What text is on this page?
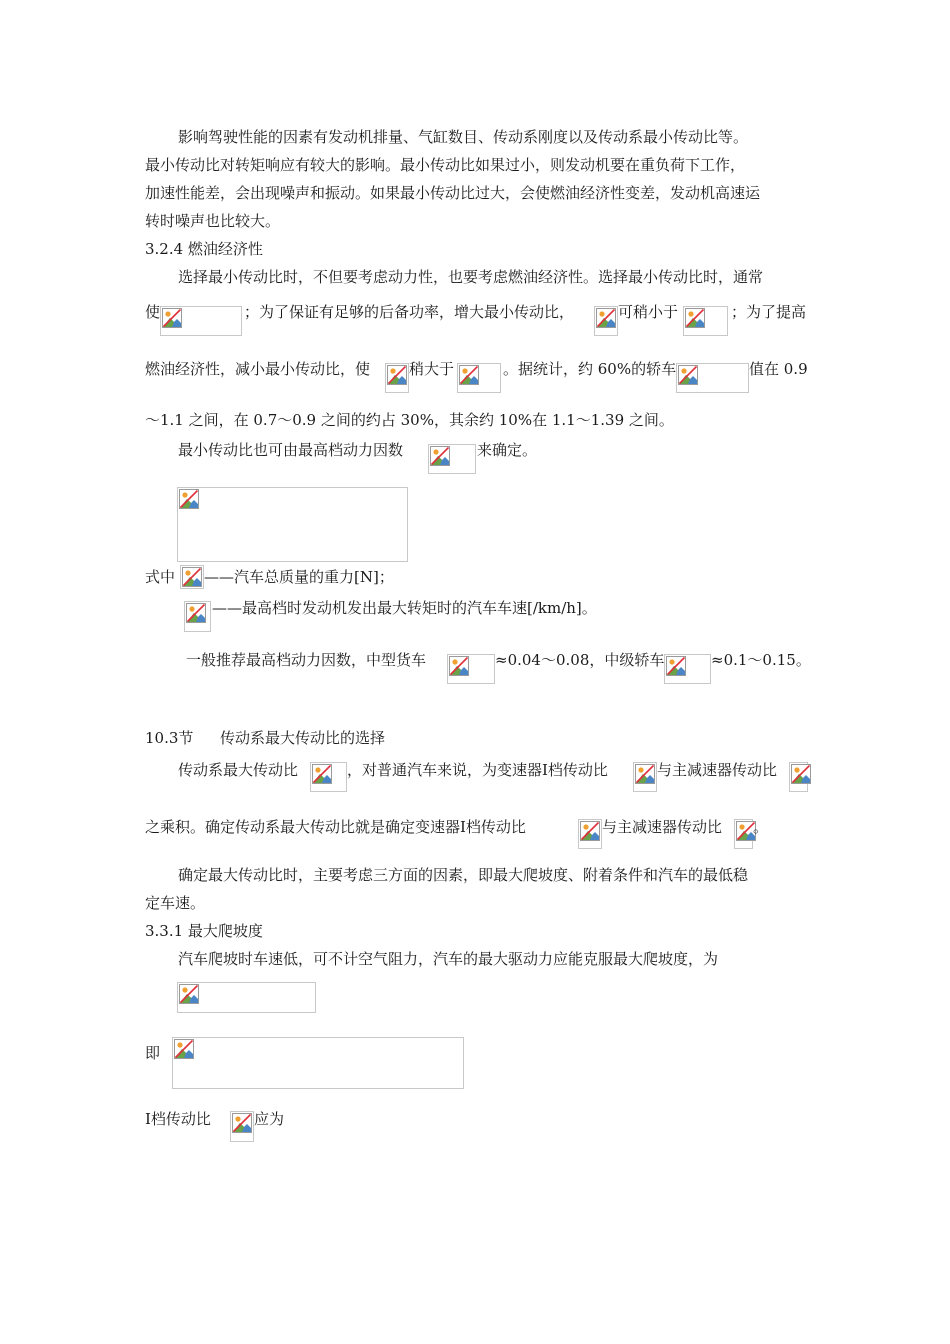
影响驾驶性能的因素有发动机排量、气缸数目、传动系刚度以及传动系最小传动比等。
最小传动比对转矩响应有较大的影响。最小传动比如果过小，则发动机要在重负荷下工作，
加速性能差，会出现噪声和振动。如果最小传动比过大，会使燃油经济性变差，发动机高速运
转时噪声也比较大。
3.2.4 燃油经济性
选择最小传动比时，不但要考虑动力性，也要考虑燃油经济性。选择最小传动比时，通常
使	；为了保证有足够的后备功率，增大最小传动比，	可稍小于	；为了提高
燃油经济性，减小最小传动比，使	稍大于	。据统计，约 60%的轿车	值在 0.9
～1.1 之间，在 0.7～0.9 之间的约占 30%，其余约 10%在 1.1～1.39 之间。
最小传动比也可由最高档动力因数	来确定。
式中 ——汽车总质量的重力[N]；
——最高档时发动机发出最大转矩时的汽车车速[/km/h]。
一般推荐最高档动力因数，中型货车	≈0.04～0.08，中级轿车	≈0.1～0.15。
10.3节 传动系最大传动比的选择
传动系最大传动比	，对普通汽车来说，为变速器Ⅰ档传动比	与主减速器传动比
之乘积。确定传动系最大传动比就是确定变速器Ⅰ档传动比	与主减速器传动比 。
确定最大传动比时，主要考虑三方面的因素，即最大爬坡度、附着条件和汽车的最低稳
定车速。
3.3.1 最大爬坡度
汽车爬坡时车速低，可不计空气阻力，汽车的最大驱动力应能克服最大爬坡度，为
即
Ⅰ档传动比	应为
